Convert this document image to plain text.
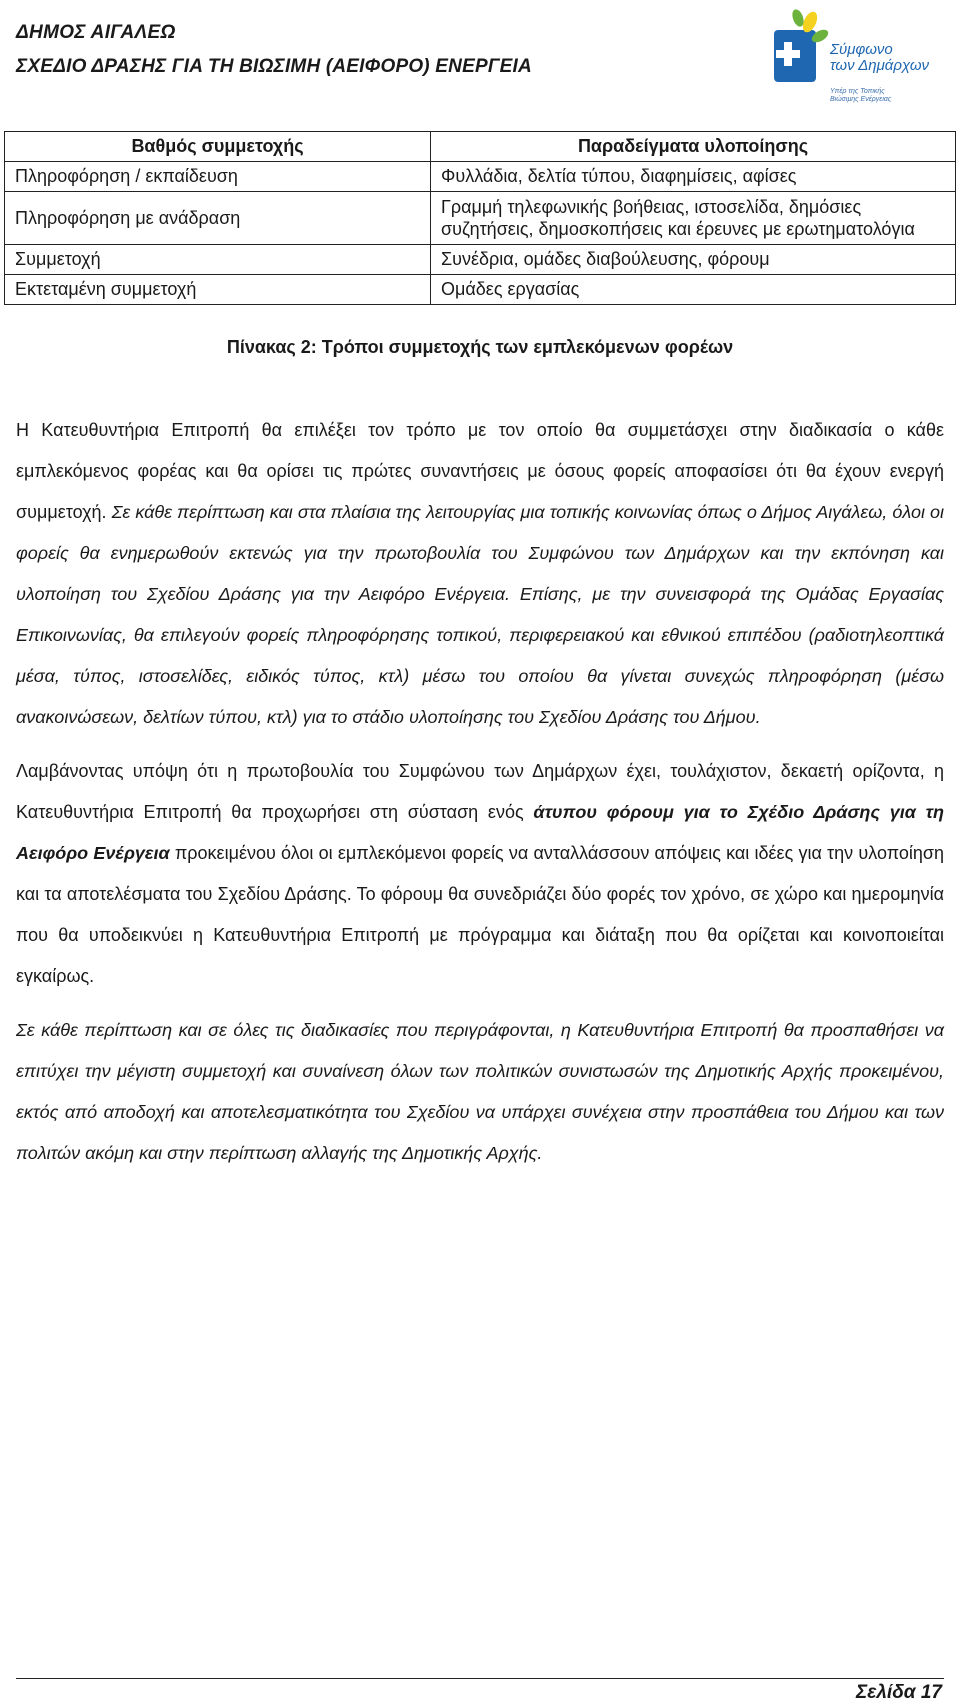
ΔΗΜΟΣ ΑΙΓΑΛΕΩ
ΣΧΕΔΙΟ ΔΡΑΣΗΣ ΓΙΑ ΤΗ ΒΙΩΣΙΜΗ (ΑΕΙΦΟΡΟ) ΕΝΕΡΓΕΙΑ
Σύμφωνο
των Δημάρχων
Υπέρ της Τοπικής
Βιώσιμης Ενέργειας
Βαθμός συμμετοχής	Παραδείγματα υλοποίησης
Πληροφόρηση / εκπαίδευση	Φυλλάδια, δελτία τύπου, διαφημίσεις, αφίσες
Πληροφόρηση με ανάδραση	Γραμμή τηλεφωνικής βοήθειας, ιστοσελίδα, δημόσιες συζητήσεις, δημοσκοπήσεις και έρευνες με ερωτηματολόγια
Συμμετοχή	Συνέδρια, ομάδες διαβούλευσης, φόρουμ
Εκτεταμένη συμμετοχή	Ομάδες εργασίας
Πίνακας 2: Τρόποι συμμετοχής των εμπλεκόμενων φορέων

Η Κατευθυντήρια Επιτροπή θα επιλέξει τον τρόπο με τον οποίο θα συμμετάσχει στην διαδικασία ο κάθε εμπλεκόμενος φορέας και θα ορίσει τις πρώτες συναντήσεις με όσους φορείς αποφασίσει ότι θα έχουν ενεργή συμμετοχή. Σε κάθε περίπτωση και στα πλαίσια της λειτουργίας μια τοπικής κοινωνίας όπως ο Δήμος Αιγάλεω, όλοι οι φορείς θα ενημερωθούν εκτενώς για την πρωτοβουλία του Συμφώνου των Δημάρχων και την εκπόνηση και υλοποίηση του Σχεδίου Δράσης για την Αειφόρο Ενέργεια. Επίσης, με την συνεισφορά της Ομάδας Εργασίας Επικοινωνίας, θα επιλεγούν φορείς πληροφόρησης τοπικού, περιφερειακού και εθνικού επιπέδου (ραδιοτηλεοπτικά μέσα, τύπος, ιστοσελίδες, ειδικός τύπος, κτλ) μέσω του οποίου θα γίνεται συνεχώς πληροφόρηση (μέσω ανακοινώσεων, δελτίων τύπου, κτλ) για το στάδιο υλοποίησης του Σχεδίου Δράσης του Δήμου.

Λαμβάνοντας υπόψη ότι η πρωτοβουλία του Συμφώνου των Δημάρχων έχει, τουλάχιστον, δεκαετή ορίζοντα, η Κατευθυντήρια Επιτροπή θα προχωρήσει στη σύσταση ενός άτυπου φόρουμ για το Σχέδιο Δράσης για τη Αειφόρο Ενέργεια προκειμένου όλοι οι εμπλεκόμενοι φορείς να ανταλλάσσουν απόψεις και ιδέες για την υλοποίηση και τα αποτελέσματα του Σχεδίου Δράσης. Το φόρουμ θα συνεδριάζει δύο φορές τον χρόνο, σε χώρο και ημερομηνία που θα υποδεικνύει η Κατευθυντήρια Επιτροπή με πρόγραμμα και διάταξη που θα ορίζεται και κοινοποιείται εγκαίρως.

Σε κάθε περίπτωση και σε όλες τις διαδικασίες που περιγράφονται, η Κατευθυντήρια Επιτροπή θα προσπαθήσει να επιτύχει την μέγιστη συμμετοχή και συναίνεση όλων των πολιτικών συνιστωσών της Δημοτικής Αρχής προκειμένου, εκτός από αποδοχή και αποτελεσματικότητα του Σχεδίου να υπάρχει συνέχεια στην προσπάθεια του Δήμου και των πολιτών ακόμη και στην περίπτωση αλλαγής της Δημοτικής Αρχής.

Σελίδα 17
